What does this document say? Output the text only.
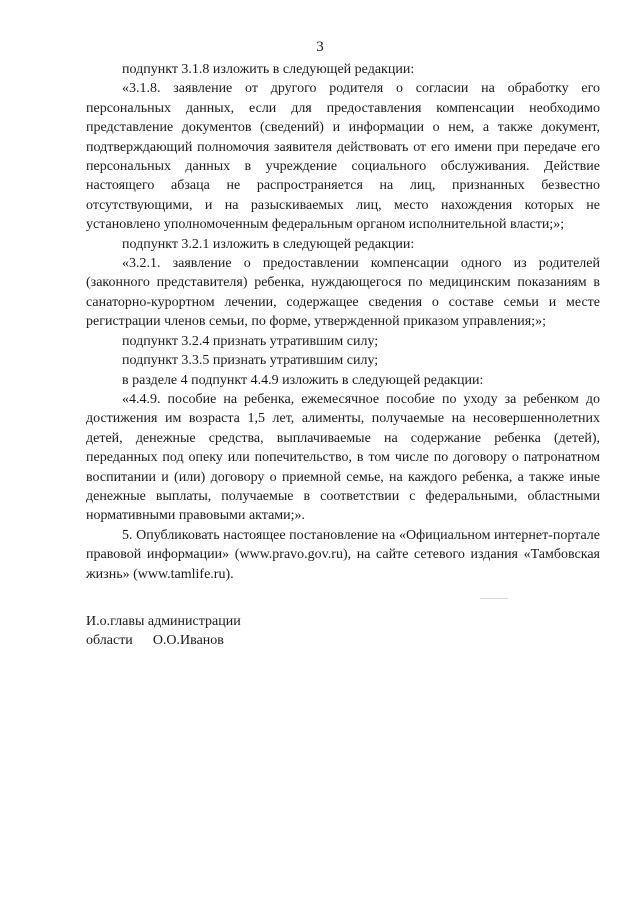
3

подпункт 3.1.8 изложить в следующей редакции:

«3.1.8. заявление от другого родителя о согласии на обработку его персональных данных, если для предоставления компенсации необходимо представление документов (сведений) и информации о нем, а также документ, подтверждающий полномочия заявителя действовать от его имени при передаче его персональных данных в учреждение социального обслуживания. Действие настоящего абзаца не распространяется на лиц, признанных безвестно отсутствующими, и на разыскиваемых лиц, место нахождения которых не установлено уполномоченным федеральным органом исполнительной власти;»;

подпункт 3.2.1 изложить в следующей редакции:

«3.2.1. заявление о предоставлении компенсации одного из родителей (законного представителя) ребенка, нуждающегося по медицинским показаниям в санаторно-курортном лечении, содержащее сведения о составе семьи и месте регистрации членов семьи, по форме, утвержденной приказом управления;»;

подпункт 3.2.4 признать утратившим силу;

подпункт 3.3.5 признать утратившим силу;

в разделе 4 подпункт 4.4.9 изложить в следующей редакции:

«4.4.9. пособие на ребенка, ежемесячное пособие по уходу за ребенком до достижения им возраста 1,5 лет, алименты, получаемые на несовершеннолетних детей, денежные средства, выплачиваемые на содержание ребенка (детей), переданных под опеку или попечительство, в том числе по договору о патронатном воспитании и (или) договору о приемной семье, на каждого ребенка, а также иные денежные выплаты, получаемые в соответствии с федеральными, областными нормативными правовыми актами;».

5. Опубликовать настоящее постановление на «Официальном интернет-портале правовой информации» (www.pravo.gov.ru), на сайте сетевого издания «Тамбовская жизнь» (www.tamlife.ru).

И.о.главы администрации
области О.О.Иванов
